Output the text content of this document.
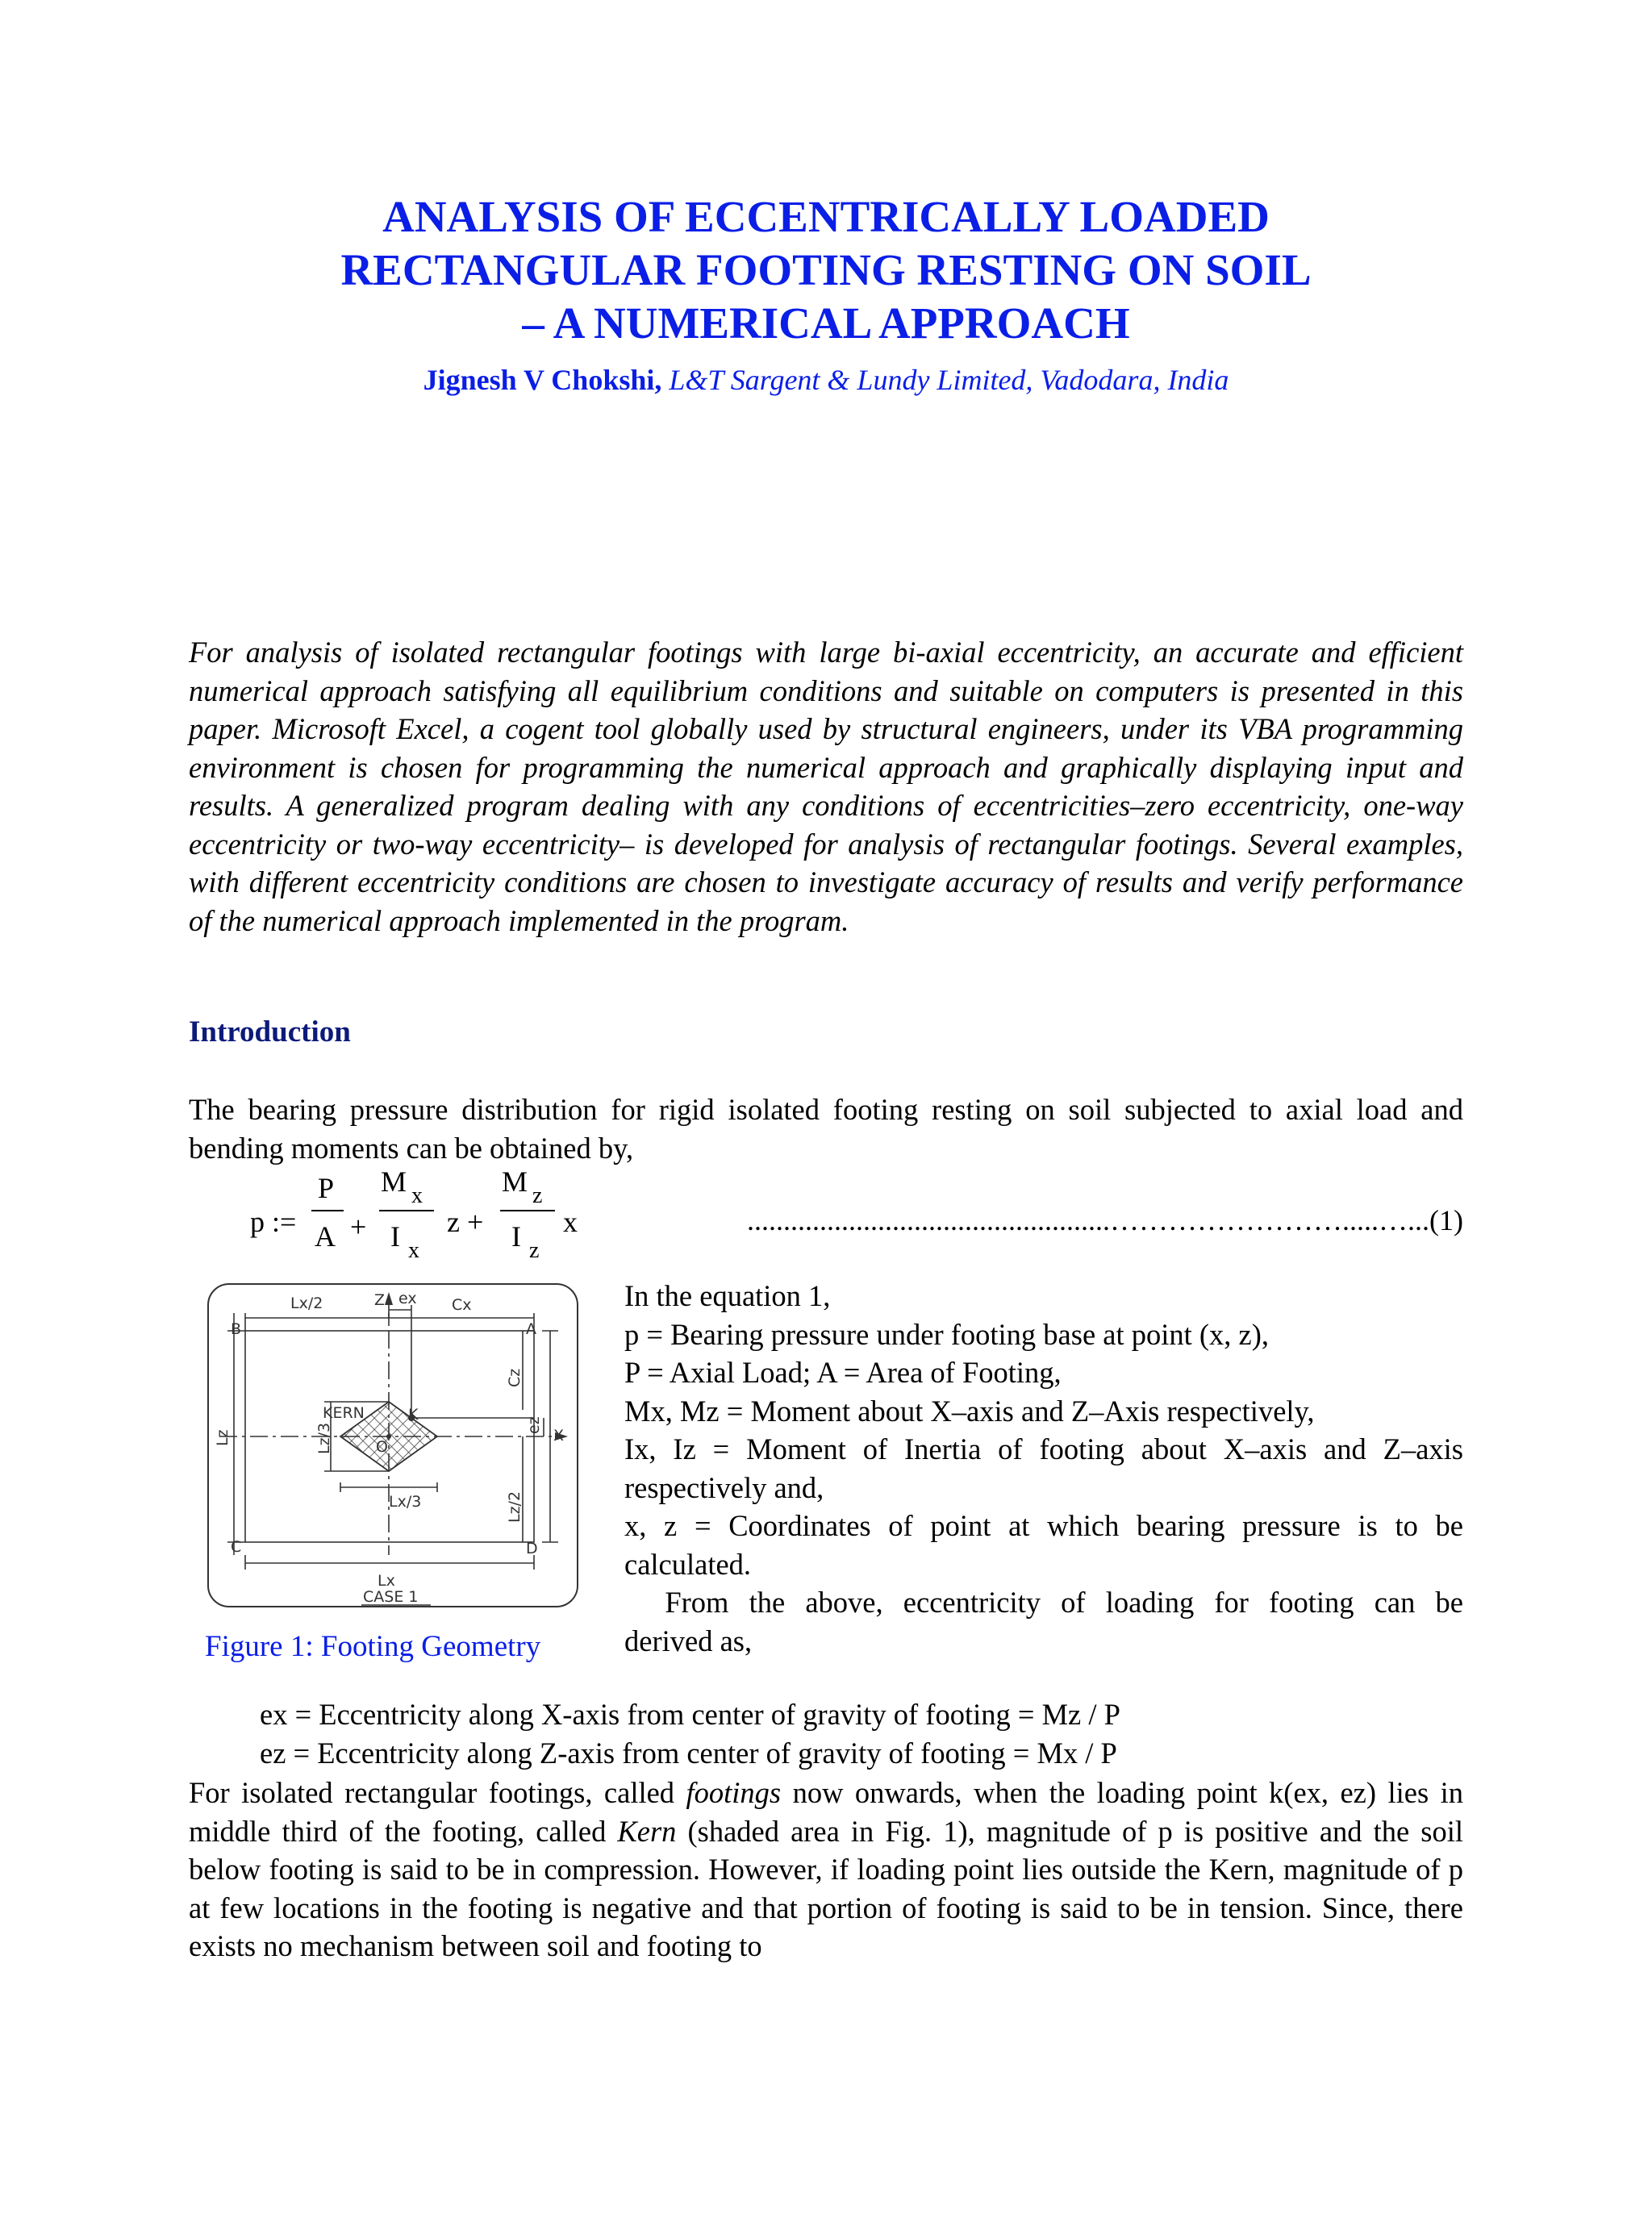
ANALYSIS OF ECCENTRICALLY LOADED
RECTANGULAR FOOTING RESTING ON SOIL
– A NUMERICAL APPROACH
Jignesh V Chokshi, L&T Sargent & Lundy Limited, Vadodara, India
For analysis of isolated rectangular footings with large bi-axial eccentricity, an accurate and efficient numerical approach satisfying all equilibrium conditions and suitable on computers is presented in this paper. Microsoft Excel, a cogent tool globally used by structural engineers, under its VBA programming environment is chosen for programming the numerical approach and graphically displaying input and results. A generalized program dealing with any conditions of eccentricities–zero eccentricity, one-way eccentricity or two-way eccentricity– is developed for analysis of rectangular footings. Several examples, with different eccentricity conditions are chosen to investigate accuracy of results and verify performance of the numerical approach implemented in the program.
Introduction
The bearing pressure distribution for rigid isolated footing resting on soil subjected to axial load and bending moments can be obtained by,
p :=
P
A +
M $_x$
I $_x$
z +
M $_z$
I $_z$
x	..................................................…………………….....…...(1)
Lx/2	Z ex Cx
B	A
KERN	K
O
Lx/3
X
C	D
Lx
CASE 1
Lz	Lz/3
Cz
ez
Lz/2
Figure 1: Footing Geometry

In the equation 1,

p = Bearing pressure under footing base at point (x, z),

P = Axial Load; A = Area of Footing,

Mx, Mz = Moment about X–axis and Z–Axis respectively,

Ix, Iz = Moment of Inertia of footing about X–axis and Z–axis

respectively and,

x, z = Coordinates of point at which bearing pressure is to be

calculated.

From the above, eccentricity of loading for footing can be

derived as,

ex = Eccentricity along X-axis from center of gravity of footing = Mz / P
ez = Eccentricity along Z-axis from center of gravity of footing = Mx / P
For isolated rectangular footings, called footings now onwards, when the loading point k(ex, ez) lies in middle third of the footing, called Kern (shaded area in Fig. 1), magnitude of p is positive and the soil below footing is said to be in compression. However, if loading point lies outside the Kern, magnitude of p at few locations in the footing is negative and that portion of footing is said to be in tension. Since, there exists no mechanism between soil and footing to
